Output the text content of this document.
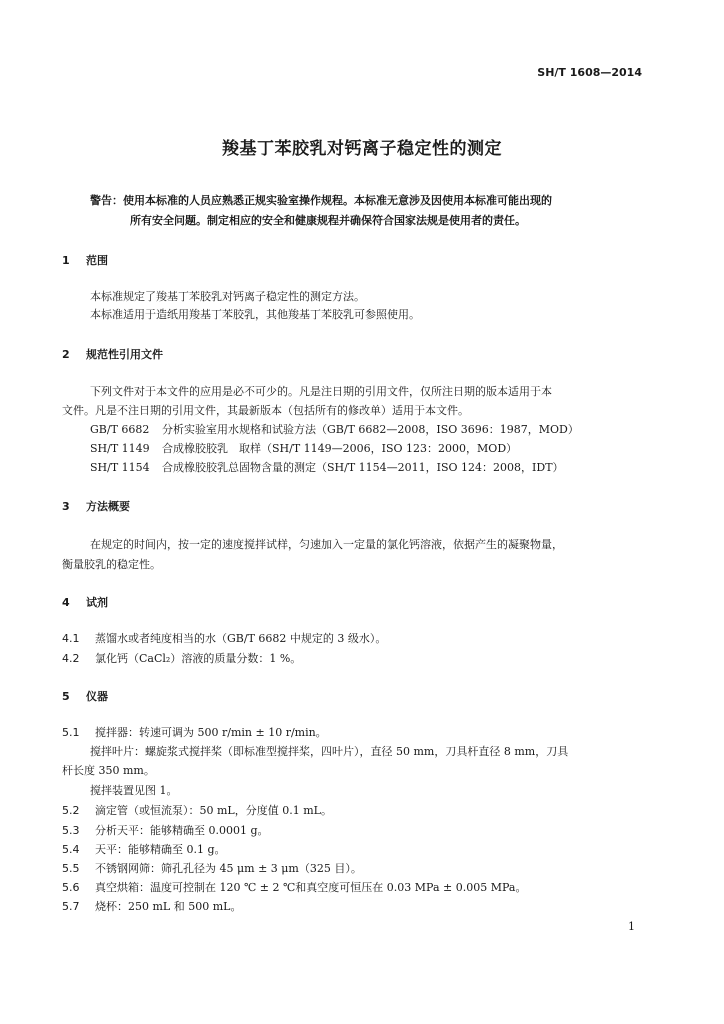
SH/T 1608—2014
羧基丁苯胶乳对钙离子稳定性的测定
警告：使用本标准的人员应熟悉正规实验室操作规程。本标准无意涉及因使用本标准可能出现的
所有安全问题。制定相应的安全和健康规程并确保符合国家法规是使用者的责任。
1 范围
本标准规定了羧基丁苯胶乳对钙离子稳定性的测定方法。
本标准适用于造纸用羧基丁苯胶乳，其他羧基丁苯胶乳可参照使用。
2 规范性引用文件
下列文件对于本文件的应用是必不可少的。凡是注日期的引用文件，仅所注日期的版本适用于本
文件。凡是不注日期的引用文件，其最新版本（包括所有的修改单）适用于本文件。
GB/T 6682 分析实验室用水规格和试验方法（GB/T 6682—2008，ISO 3696：1987，MOD）
SH/T 1149 合成橡胶胶乳　取样（SH/T 1149—2006，ISO 123：2000，MOD）
SH/T 1154 合成橡胶胶乳总固物含量的测定（SH/T 1154—2011，ISO 124：2008，IDT）
3 方法概要
在规定的时间内，按一定的速度搅拌试样，匀速加入一定量的氯化钙溶液，依据产生的凝聚物量，
衡量胶乳的稳定性。
4 试剂
4.1 蒸馏水或者纯度相当的水（GB/T 6682 中规定的 3 级水）。
4.2 氯化钙（CaCl₂）溶液的质量分数：1 %。
5 仪器
5.1 搅拌器：转速可调为 500 r/min ± 10 r/min。
搅拌叶片：螺旋浆式搅拌桨（即标准型搅拌桨，四叶片），直径 50 mm，刀具杆直径 8 mm，刀具
杆长度 350 mm。
搅拌装置见图 1。
5.2 滴定管（或恒流泵）：50 mL，分度值 0.1 mL。
5.3 分析天平：能够精确至 0.0001 g。
5.4 天平：能够精确至 0.1 g。
5.5 不锈钢网筛：筛孔孔径为 45 μm ± 3 μm（325 目）。
5.6 真空烘箱：温度可控制在 120 ℃ ± 2 ℃和真空度可恒压在 0.03 MPa ± 0.005 MPa。
5.7 烧杯：250 mL 和 500 mL。
1
